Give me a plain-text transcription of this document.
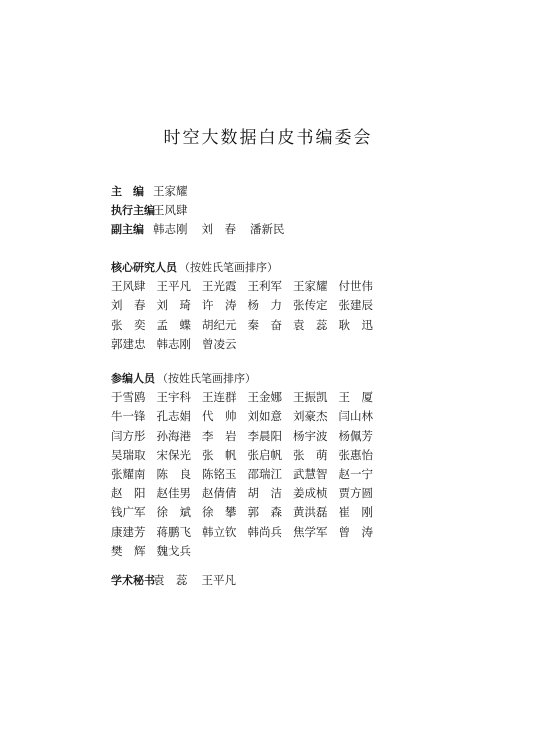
时空大数据白皮书编委会
主　编 王家耀
执行主编王风肆
副主编 韩志刚 刘　春 潘新民
核心研究人员 （按姓氏笔画排序）
王风肆 王平凡 王光霞 王利军 王家耀 付世伟
刘　春 刘　琦 许　涛 杨　力 张传定 张建辰
张　奕 孟　蝶 胡纪元 秦　奋 袁　蕊 耿　迅
郭建忠 韩志刚 曾凌云
参编人员 （按姓氏笔画排序）
于雪鸥 王宇科 王连群 王金娜 王振凯 王　厦
牛一锋 孔志娟 代　帅 刘如意 刘豪杰 闫山林
闫方彤 孙海港 李　岩 李晨阳 杨宇波 杨佩芳
吴瑞取 宋保光 张　帆 张启帆 张　萌 张惠怡
张耀南 陈　良 陈铭玉 邵瑞江 武慧智 赵一宁
赵　阳 赵佳男 赵倩倩 胡　洁 姜成桢 贾方圆
钱广军 徐　斌 徐　攀 郭　森 黄洪磊 崔　刚
康建芳 蒋鹏飞 韩立钦 韩尚兵 焦学军 曾　涛
樊　辉 魏戈兵
学术秘书袁　蕊 王平凡
